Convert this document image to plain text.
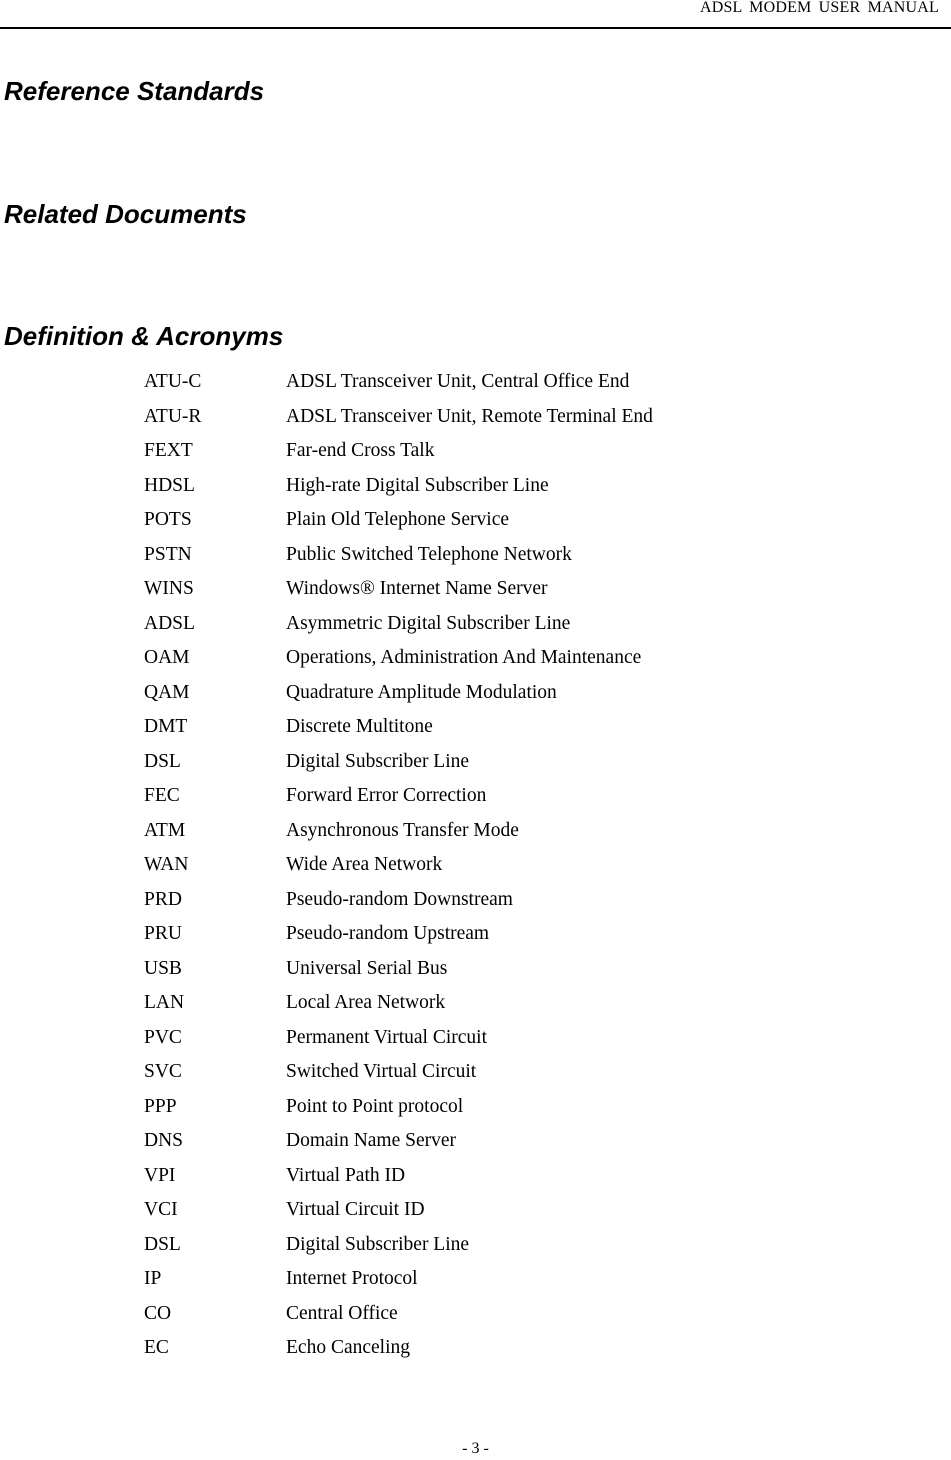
ADSL MODEM USER MANUAL
Reference Standards
Related Documents
Definition & Acronyms
ATU-C	ADSL Transceiver Unit, Central Office End
ATU-R	ADSL Transceiver Unit, Remote Terminal End
FEXT	Far-end Cross Talk
HDSL	High-rate Digital Subscriber Line
POTS	Plain Old Telephone Service
PSTN	Public Switched Telephone Network
WINS	Windows® Internet Name Server
ADSL	Asymmetric Digital Subscriber Line
OAM	Operations, Administration And Maintenance
QAM	Quadrature Amplitude Modulation
DMT	Discrete Multitone
DSL	Digital Subscriber Line
FEC	Forward Error Correction
ATM	Asynchronous Transfer Mode
WAN	Wide Area Network
PRD	Pseudo-random Downstream
PRU	Pseudo-random Upstream
USB	Universal Serial Bus
LAN	Local Area Network
PVC	Permanent Virtual Circuit
SVC	Switched Virtual Circuit
PPP	Point to Point protocol
DNS	Domain Name Server
VPI	Virtual Path ID
VCI	Virtual Circuit ID
DSL	Digital Subscriber Line
IP	Internet Protocol
CO	Central Office
EC	Echo Canceling
- 3 -
